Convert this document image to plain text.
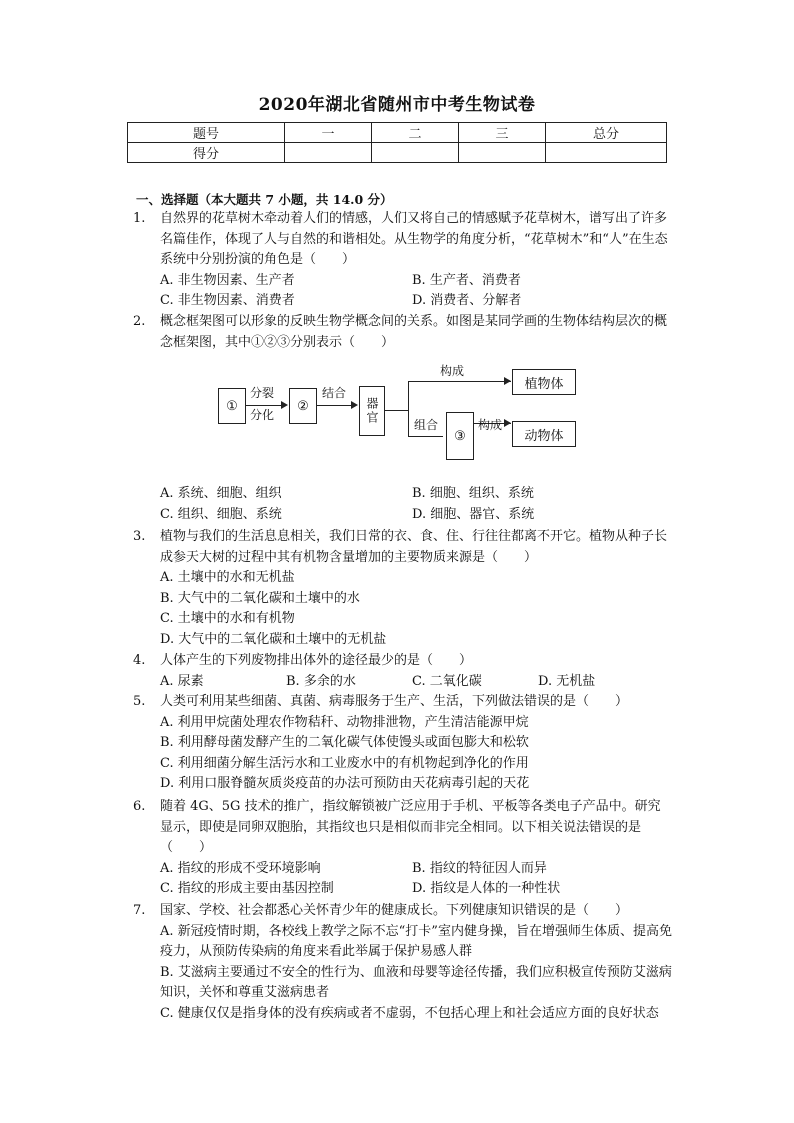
2020年湖北省随州市中考生物试卷
题号	一	二	三	总分
得分				
一、选择题（本大题共 7 小题，共 14.0 分）
1.	自然界的花草树木牵动着人们的情感，人们又将自己的情感赋予花草树木，谱写出了许多名篇佳作，体现了人与自然的和谐相处。从生物学的角度分析，“花草树木”和“人”在生态系统中分别扮演的角色是（　　）
A. 非生物因素、生产者	B. 生产者、消费者
C. 非生物因素、消费者	D. 消费者、分解者
2.	概念框架图可以形象的反映生物学概念间的关系。如图是某同学画的生物体结构层次的概念框架图，其中①②③分别表示（　　）
①
分裂
分化
②
结合
器官
构成
植物体
组合
③
构成
动物体
A. 系统、细胞、组织	B. 细胞、组织、系统
C. 组织、细胞、系统	D. 细胞、器官、系统
3.	植物与我们的生活息息相关，我们日常的衣、食、住、行往往都离不开它。植物从种子长成参天大树的过程中其有机物含量增加的主要物质来源是（　　）
A. 土壤中的水和无机盐
B. 大气中的二氧化碳和土壤中的水
C. 土壤中的水和有机物
D. 大气中的二氧化碳和土壤中的无机盐
4.	人体产生的下列废物排出体外的途径最少的是（　　）
A. 尿素	B. 多余的水	C. 二氧化碳	D. 无机盐
5.	人类可利用某些细菌、真菌、病毒服务于生产、生活，下列做法错误的是（　　）
A. 利用甲烷菌处理农作物秸秆、动物排泄物，产生清洁能源甲烷
B. 利用酵母菌发酵产生的二氧化碳气体使馒头或面包膨大和松软
C. 利用细菌分解生活污水和工业废水中的有机物起到净化的作用
D. 利用口服脊髓灰质炎疫苗的办法可预防由天花病毒引起的天花
6.	随着 4G、5G 技术的推广，指纹解锁被广泛应用于手机、平板等各类电子产品中。研究显示，即使是同卵双胞胎，其指纹也只是相似而非完全相同。以下相关说法错误的是（　　）
A. 指纹的形成不受环境影响	B. 指纹的特征因人而异
C. 指纹的形成主要由基因控制	D. 指纹是人体的一种性状
7.	国家、学校、社会都悉心关怀青少年的健康成长。下列健康知识错误的是（　　）
A. 新冠疫情时期，各校线上教学之际不忘“打卡”室内健身操，旨在增强师生体质、提高免疫力，从预防传染病的角度来看此举属于保护易感人群
B. 艾滋病主要通过不安全的性行为、血液和母婴等途径传播，我们应积极宣传预防艾滋病知识，关怀和尊重艾滋病患者
C. 健康仅仅是指身体的没有疾病或者不虚弱，不包括心理上和社会适应方面的良好状态
